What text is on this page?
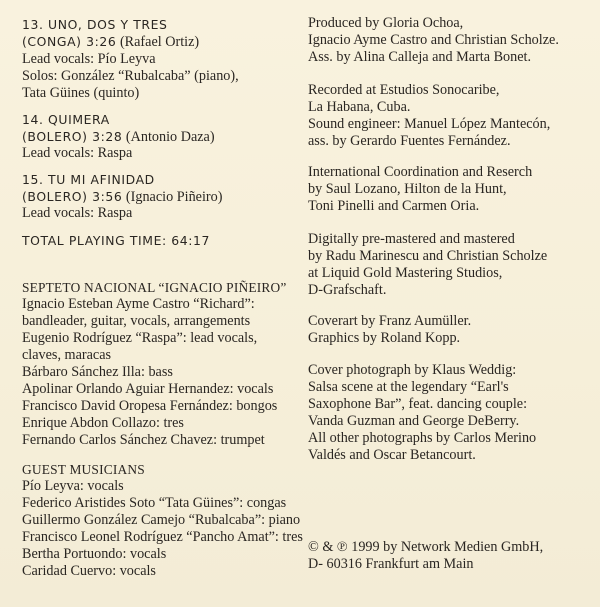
13. UNO, DOS Y TRES
(CONGA) 3:26 (Rafael Ortiz)
Lead vocals: Pío Leyva
Solos: González “Rubalcaba” (piano),
Tata Güines (quinto)
14. QUIMERA
(BOLERO) 3:28 (Antonio Daza)
Lead vocals: Raspa
15. TU MI AFINIDAD
(BOLERO) 3:56 (Ignacio Piñeiro)
Lead vocals: Raspa
TOTAL PLAYING TIME: 64:17
SEPTETO NACIONAL “IGNACIO PIÑEIRO”
Ignacio Esteban Ayme Castro “Richard”:
bandleader, guitar, vocals, arrangements
Eugenio Rodríguez “Raspa”: lead vocals,
claves, maracas
Bárbaro Sánchez Illa: bass
Apolinar Orlando Aguiar Hernandez: vocals
Francisco David Oropesa Fernández: bongos
Enrique Abdon Collazo: tres
Fernando Carlos Sánchez Chavez: trumpet
GUEST MUSICIANS
Pío Leyva: vocals
Federico Aristides Soto “Tata Güines”: congas
Guillermo González Camejo “Rubalcaba”: piano
Francisco Leonel Rodríguez “Pancho Amat”: tres
Bertha Portuondo: vocals
Caridad Cuervo: vocals
Produced by Gloria Ochoa,
Ignacio Ayme Castro and Christian Scholze.
Ass. by Alina Calleja and Marta Bonet.
Recorded at Estudios Sonocaribe,
La Habana, Cuba.
Sound engineer: Manuel López Mantecón,
ass. by Gerardo Fuentes Fernández.
International Coordination and Reserch
by Saul Lozano, Hilton de la Hunt,
Toni Pinelli and Carmen Oria.
Digitally pre-mastered and mastered
by Radu Marinescu and Christian Scholze
at Liquid Gold Mastering Studios,
D-Grafschaft.
Coverart by Franz Aumüller.
Graphics by Roland Kopp.
Cover photograph by Klaus Weddig:
Salsa scene at the legendary “Earl's
Saxophone Bar”, feat. dancing couple:
Vanda Guzman and George DeBerry.
All other photographs by Carlos Merino
Valdés and Oscar Betancourt.
© & ℗ 1999 by Network Medien GmbH,
D- 60316 Frankfurt am Main
